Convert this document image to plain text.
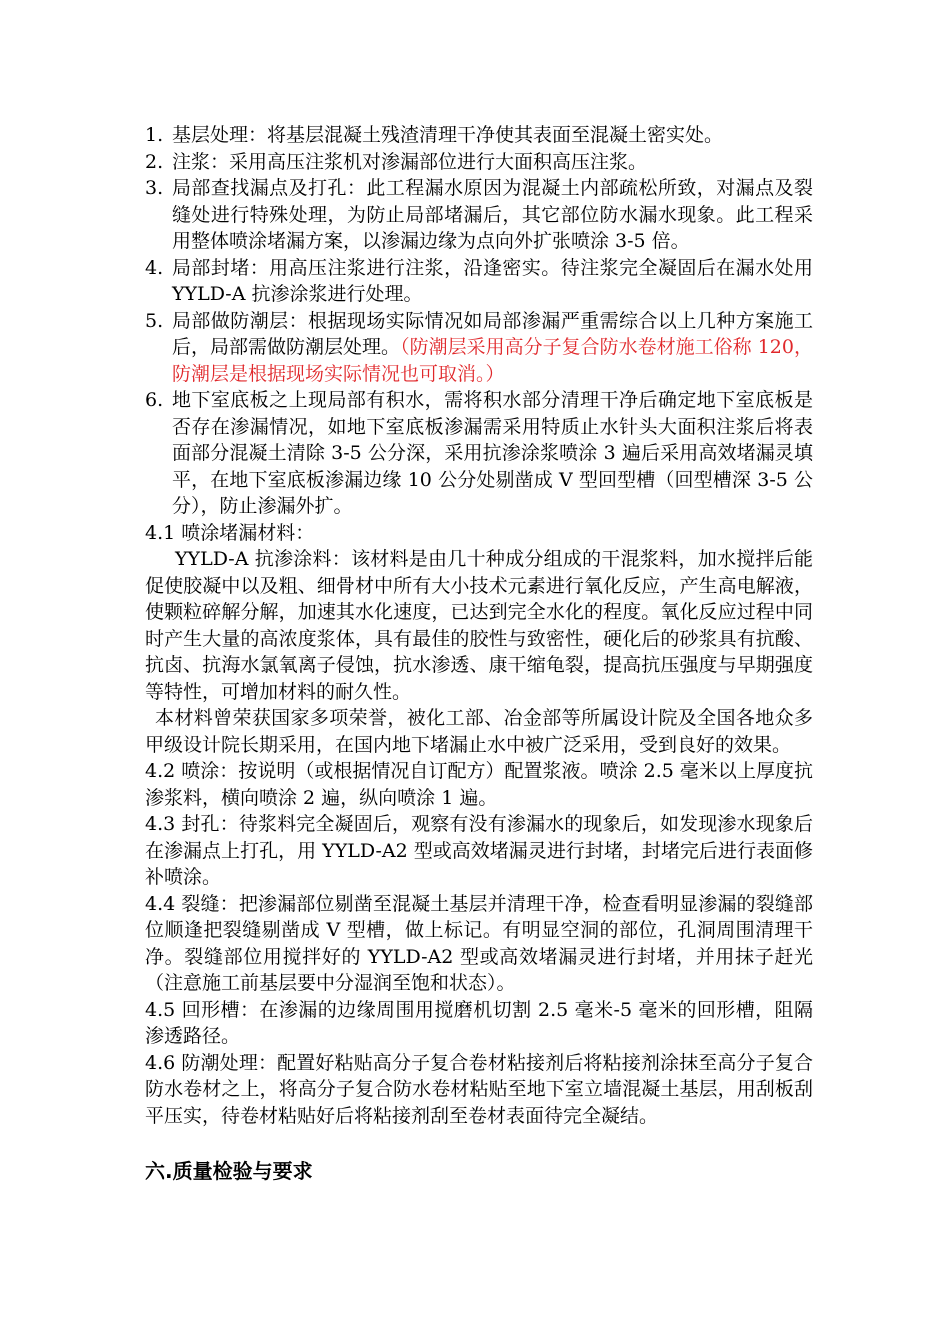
1. 基层处理：将基层混凝土残渣清理干净使其表面至混凝土密实处。
2. 注浆：采用高压注浆机对渗漏部位进行大面积高压注浆。
3. 局部查找漏点及打孔：此工程漏水原因为混凝土内部疏松所致，对漏点及裂缝处进行特殊处理，为防止局部堵漏后，其它部位防水漏水现象。此工程采用整体喷涂堵漏方案，以渗漏边缘为点向外扩张喷涂 3-5 倍。
4. 局部封堵：用高压注浆进行注浆，沿逢密实。待注浆完全凝固后在漏水处用 YYLD-A 抗渗涂浆进行处理。
5. 局部做防潮层：根据现场实际情况如局部渗漏严重需综合以上几种方案施工后，局部需做防潮层处理。（防潮层采用高分子复合防水卷材施工俗称 120，防潮层是根据现场实际情况也可取消。）
6. 地下室底板之上现局部有积水，需将积水部分清理干净后确定地下室底板是否存在渗漏情况，如地下室底板渗漏需采用特质止水针头大面积注浆后将表面部分混凝土清除 3-5 公分深，采用抗渗涂浆喷涂 3 遍后采用高效堵漏灵填平，在地下室底板渗漏边缘 10 公分处剔凿成 V 型回型槽（回型槽深 3-5 公分），防止渗漏外扩。

4.1 喷涂堵漏材料：

YYLD-A 抗渗涂料：该材料是由几十种成分组成的干混浆料，加水搅拌后能促使胶凝中以及粗、细骨材中所有大小技术元素进行氧化反应，产生高电解液，使颗粒碎解分解，加速其水化速度，已达到完全水化的程度。氧化反应过程中同时产生大量的高浓度浆体，具有最佳的胶性与致密性，硬化后的砂浆具有抗酸、抗卤、抗海水氯氧离子侵蚀，抗水渗透、康干缩龟裂，提高抗压强度与早期强度等特性，可增加材料的耐久性。

本材料曾荣获国家多项荣誉，被化工部、冶金部等所属设计院及全国各地众多甲级设计院长期采用，在国内地下堵漏止水中被广泛采用，受到良好的效果。

4.2 喷涂：按说明（或根据情况自订配方）配置浆液。喷涂 2.5 毫米以上厚度抗渗浆料，横向喷涂 2 遍，纵向喷涂 1 遍。

4.3 封孔：待浆料完全凝固后，观察有没有渗漏水的现象后，如发现渗水现象后在渗漏点上打孔，用 YYLD-A2 型或高效堵漏灵进行封堵，封堵完后进行表面修补喷涂。

4.4 裂缝：把渗漏部位剔凿至混凝土基层并清理干净，检查看明显渗漏的裂缝部位顺逢把裂缝剔凿成 V 型槽，做上标记。有明显空洞的部位，孔洞周围清理干净。裂缝部位用搅拌好的 YYLD-A2 型或高效堵漏灵进行封堵，并用抹子赶光（注意施工前基层要中分湿润至饱和状态）。

4.5 回形槽：在渗漏的边缘周围用搅磨机切割 2.5 毫米-5 毫米的回形槽，阻隔渗透路径。

4.6 防潮处理：配置好粘贴高分子复合卷材粘接剂后将粘接剂涂抹至高分子复合防水卷材之上，将高分子复合防水卷材粘贴至地下室立墙混凝土基层，用刮板刮平压实，待卷材粘贴好后将粘接剂刮至卷材表面待完全凝结。

六.质量检验与要求
